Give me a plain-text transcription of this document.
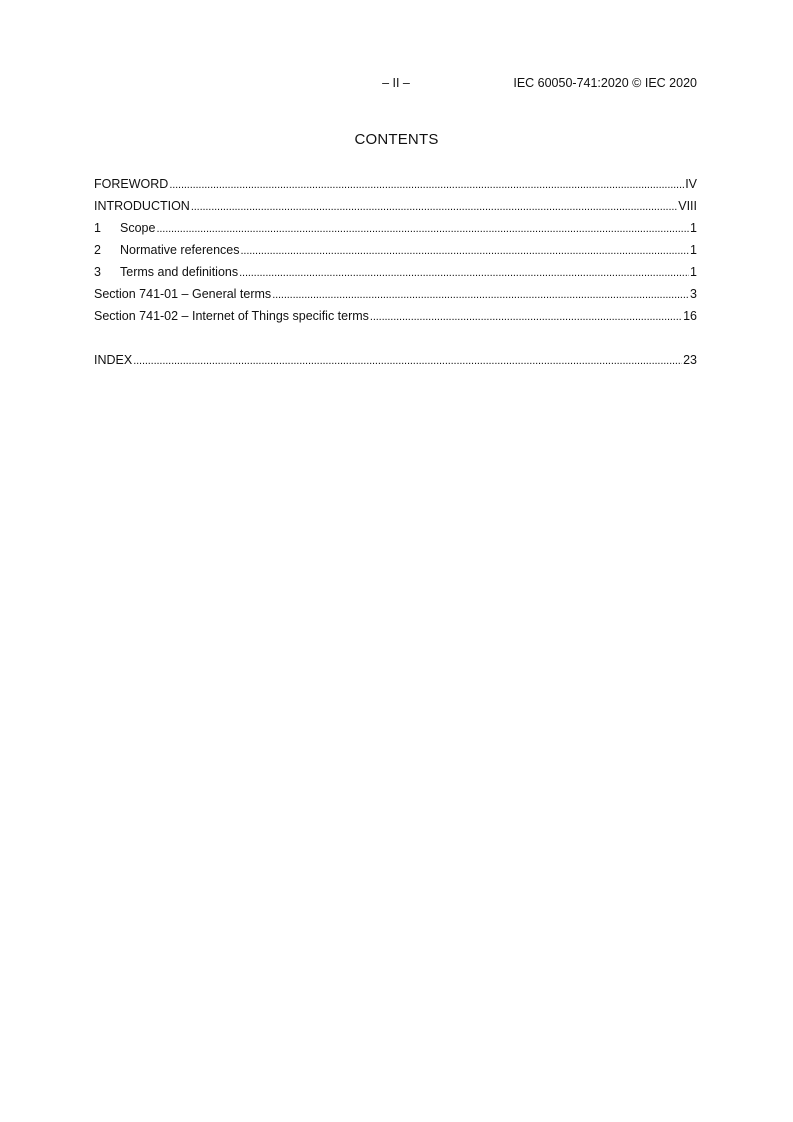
– II –	IEC 60050-741:2020 © IEC 2020
CONTENTS
FOREWORD . . .	IV
INTRODUCTION . . .	VIII
1	Scope . . .	1
2	Normative references . . .	1
3	Terms and definitions . . .	1
Section 741-01 – General terms . . .	3
Section 741-02 – Internet of Things specific terms . . .	16
INDEX . . .	23
